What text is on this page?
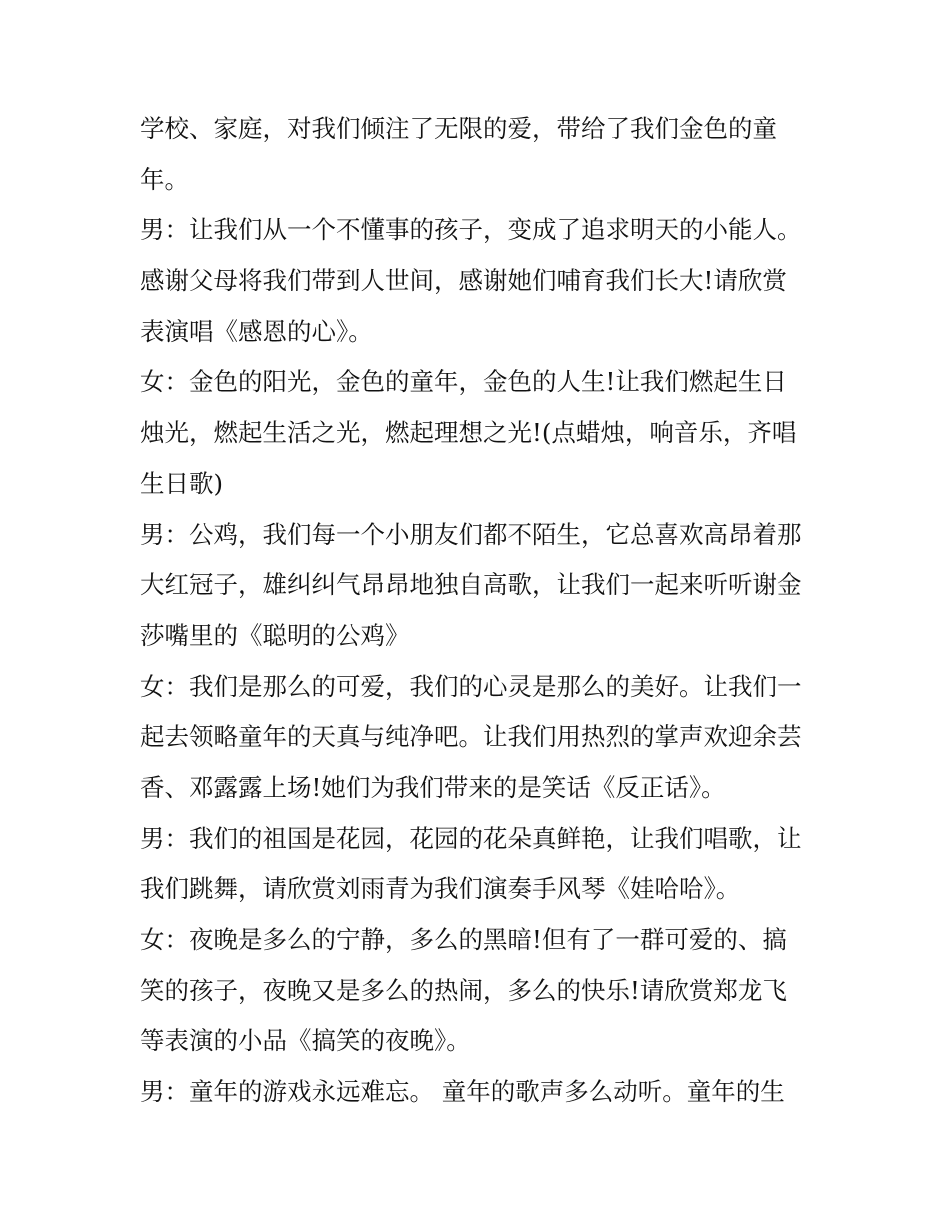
学校、家庭，对我们倾注了无限的爱，带给了我们金色的童
年。
男：让我们从一个不懂事的孩子，变成了追求明天的小能人。
感谢父母将我们带到人世间，感谢她们哺育我们长大!请欣赏
表演唱《感恩的心》。
女：金色的阳光，金色的童年，金色的人生!让我们燃起生日
烛光，燃起生活之光，燃起理想之光!(点蜡烛，响音乐，齐唱
生日歌)
男：公鸡，我们每一个小朋友们都不陌生，它总喜欢高昂着那
大红冠子，雄纠纠气昂昂地独自高歌，让我们一起来听听谢金
莎嘴里的《聪明的公鸡》
女：我们是那么的可爱，我们的心灵是那么的美好。让我们一
起去领略童年的天真与纯净吧。让我们用热烈的掌声欢迎余芸
香、邓露露上场!她们为我们带来的是笑话《反正话》。
男：我们的祖国是花园，花园的花朵真鲜艳，让我们唱歌，让
我们跳舞，请欣赏刘雨青为我们演奏手风琴《娃哈哈》。
女：夜晚是多么的宁静，多么的黑暗!但有了一群可爱的、搞
笑的孩子，夜晚又是多么的热闹，多么的快乐!请欣赏郑龙飞
等表演的小品《搞笑的夜晚》。
男：童年的游戏永远难忘。 童年的歌声多么动听。童年的生
